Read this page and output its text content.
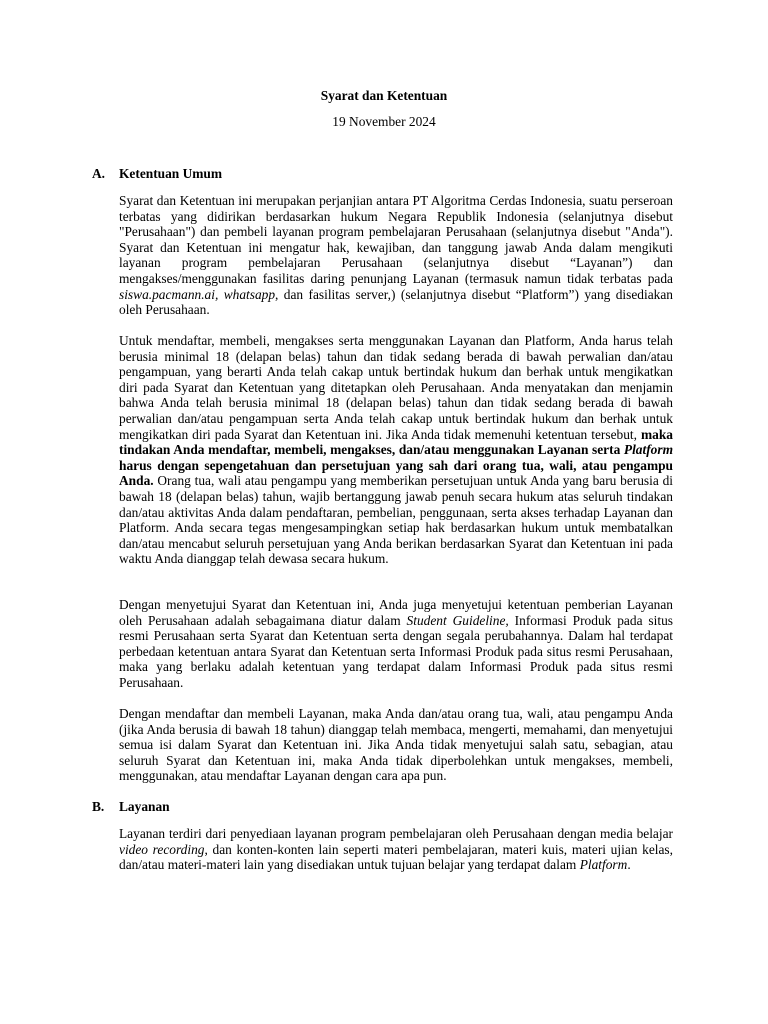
Syarat dan Ketentuan
19 November 2024
A. Ketentuan Umum

Syarat dan Ketentuan ini merupakan perjanjian antara PT Algoritma Cerdas Indonesia, suatu perseroan terbatas yang didirikan berdasarkan hukum Negara Republik Indonesia (selanjutnya disebut "Perusahaan") dan pembeli layanan program pembelajaran Perusahaan (selanjutnya disebut "Anda"). Syarat dan Ketentuan ini mengatur hak, kewajiban, dan tanggung jawab Anda dalam mengikuti layanan program pembelajaran Perusahaan (selanjutnya disebut “Layanan”) dan mengakses/menggunakan fasilitas daring penunjang Layanan (termasuk namun tidak terbatas pada siswa.pacmann.ai, whatsapp, dan fasilitas server,) (selanjutnya disebut “Platform”) yang disediakan oleh Perusahaan.

Untuk mendaftar, membeli, mengakses serta menggunakan Layanan dan Platform, Anda harus telah berusia minimal 18 (delapan belas) tahun dan tidak sedang berada di bawah perwalian dan/atau pengampuan, yang berarti Anda telah cakap untuk bertindak hukum dan berhak untuk mengikatkan diri pada Syarat dan Ketentuan yang ditetapkan oleh Perusahaan. Anda menyatakan dan menjamin bahwa Anda telah berusia minimal 18 (delapan belas) tahun dan tidak sedang berada di bawah perwalian dan/atau pengampuan serta Anda telah cakap untuk bertindak hukum dan berhak untuk mengikatkan diri pada Syarat dan Ketentuan ini. Jika Anda tidak memenuhi ketentuan tersebut, maka tindakan Anda mendaftar, membeli, mengakses, dan/atau menggunakan Layanan serta Platform harus dengan sepengetahuan dan persetujuan yang sah dari orang tua, wali, atau pengampu Anda. Orang tua, wali atau pengampu yang memberikan persetujuan untuk Anda yang baru berusia di bawah 18 (delapan belas) tahun, wajib bertanggung jawab penuh secara hukum atas seluruh tindakan dan/atau aktivitas Anda dalam pendaftaran, pembelian, penggunaan, serta akses terhadap Layanan dan Platform. Anda secara tegas mengesampingkan setiap hak berdasarkan hukum untuk membatalkan dan/atau mencabut seluruh persetujuan yang Anda berikan berdasarkan Syarat dan Ketentuan ini pada waktu Anda dianggap telah dewasa secara hukum.

Dengan menyetujui Syarat dan Ketentuan ini, Anda juga menyetujui ketentuan pemberian Layanan oleh Perusahaan adalah sebagaimana diatur dalam Student Guideline, Informasi Produk pada situs resmi Perusahaan serta Syarat dan Ketentuan serta dengan segala perubahannya. Dalam hal terdapat perbedaan ketentuan antara Syarat dan Ketentuan serta Informasi Produk pada situs resmi Perusahaan, maka yang berlaku adalah ketentuan yang terdapat dalam Informasi Produk pada situs resmi Perusahaan.

Dengan mendaftar dan membeli Layanan, maka Anda dan/atau orang tua, wali, atau pengampu Anda (jika Anda berusia di bawah 18 tahun) dianggap telah membaca, mengerti, memahami, dan menyetujui semua isi dalam Syarat dan Ketentuan ini. Jika Anda tidak menyetujui salah satu, sebagian, atau seluruh Syarat dan Ketentuan ini, maka Anda tidak diperbolehkan untuk mengakses, membeli, menggunakan, atau mendaftar Layanan dengan cara apa pun.

B. Layanan

Layanan terdiri dari penyediaan layanan program pembelajaran oleh Perusahaan dengan media belajar video recording, dan konten-konten lain seperti materi pembelajaran, materi kuis, materi ujian kelas, dan/atau materi-materi lain yang disediakan untuk tujuan belajar yang terdapat dalam Platform.
